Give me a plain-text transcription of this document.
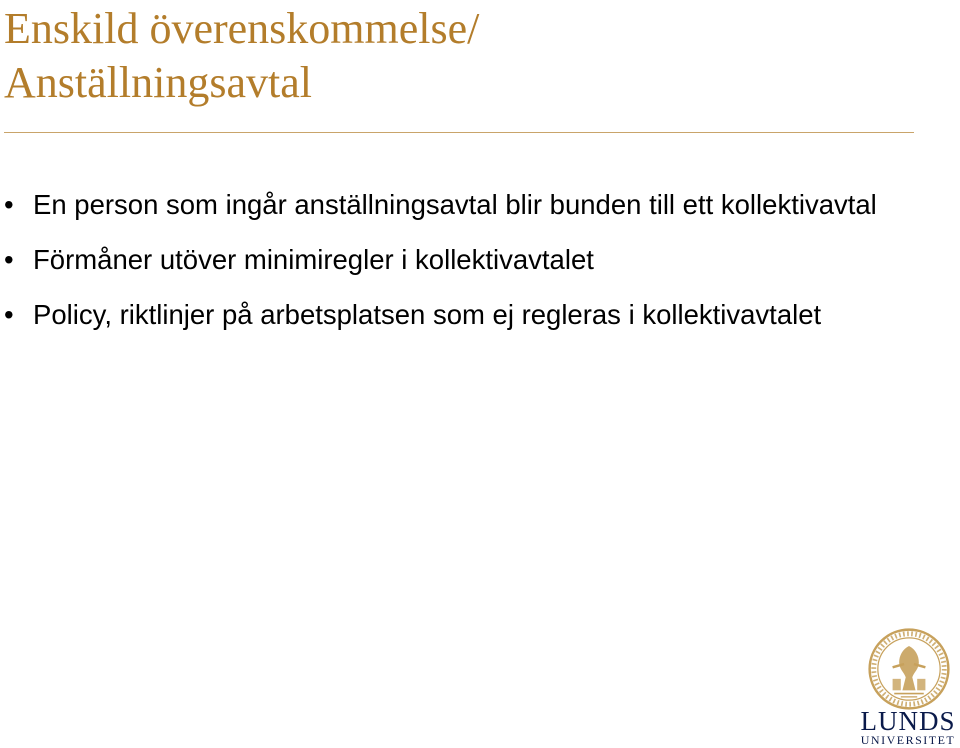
Enskild överenskommelse/
Anställningsavtal
• En person som ingår anställningsavtal blir bunden till ett kollektivavtal
• Förmåner utöver minimiregler i kollektivavtalet
• Policy, riktlinjer på arbetsplatsen som ej regleras i kollektivavtalet
LUNDS
UNIVERSITET
